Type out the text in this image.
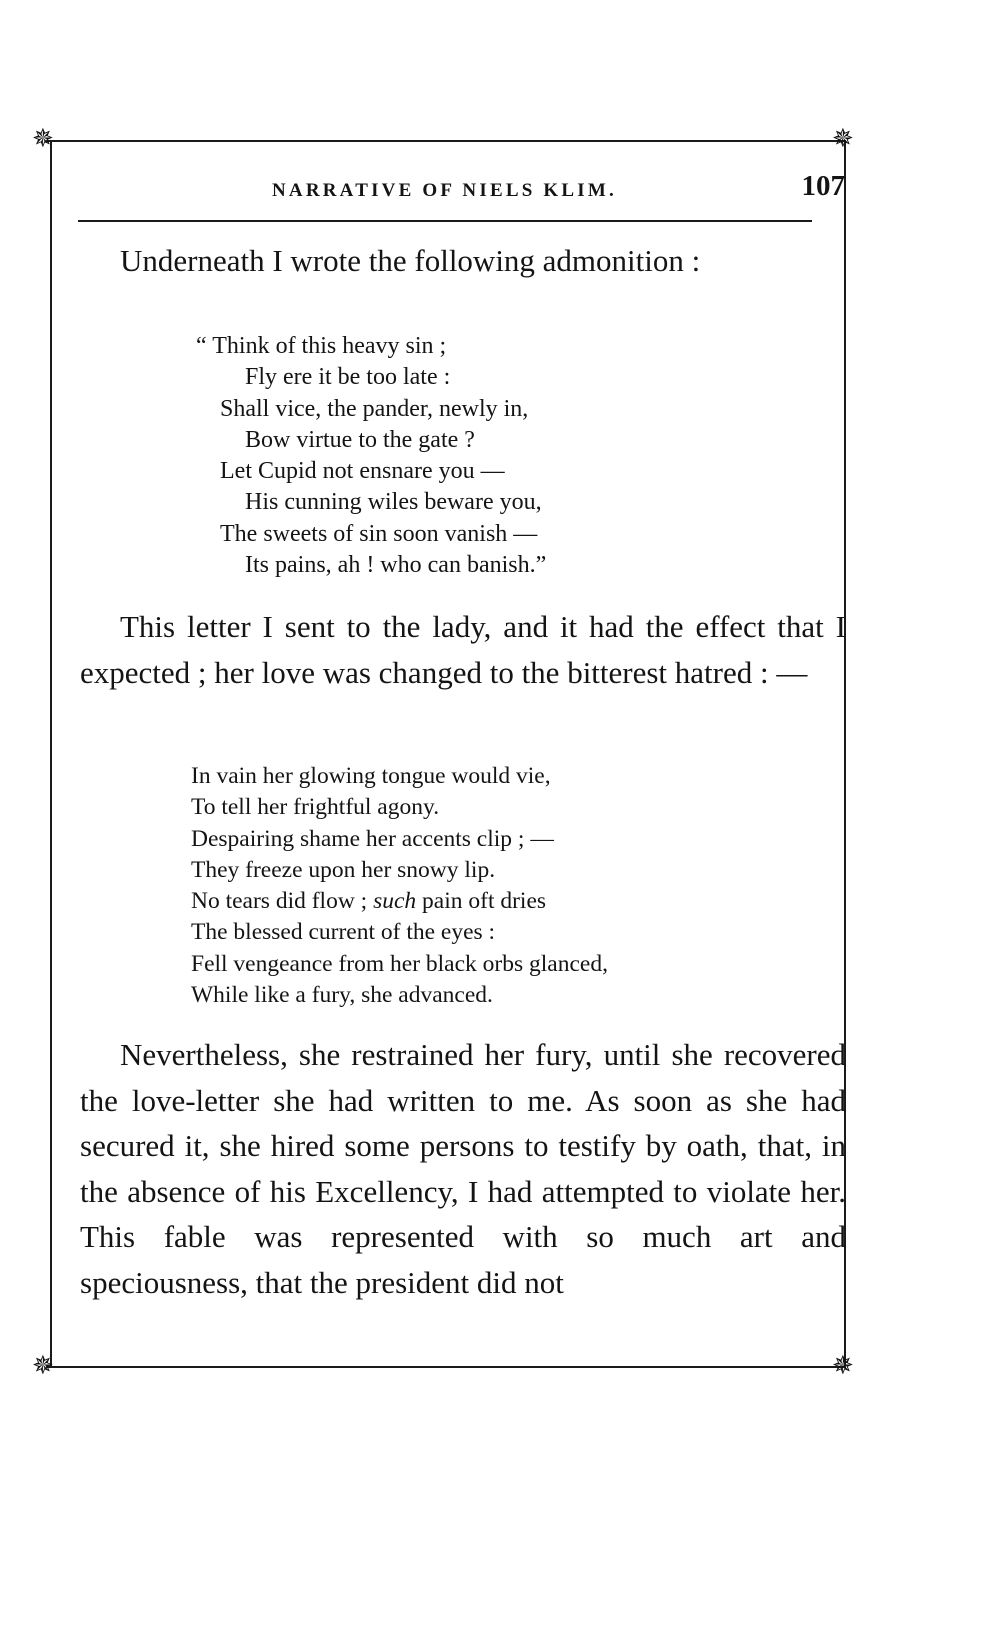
✵	✵
✵	✵
NARRATIVE OF NIELS KLIM.	107

Underneath I wrote the following admonition :

“ Think of this heavy sin ;
Fly ere it be too late :
Shall vice, the pander, newly in,
Bow virtue to the gate ?
Let Cupid not ensnare you —
His cunning wiles beware you,
The sweets of sin soon vanish —
Its pains, ah ! who can banish.”

This letter I sent to the lady, and it had the effect that I expected ; her love was changed to the bitterest hatred : —

In vain her glowing tongue would vie,
To tell her frightful agony.
Despairing shame her accents clip ; —
They freeze upon her snowy lip.
No tears did flow ; such pain oft dries
The blessed current of the eyes :
Fell vengeance from her black orbs glanced,
While like a fury, she advanced.

Nevertheless, she restrained her fury, until she recovered the love-letter she had written to me. As soon as she had secured it, she hired some persons to testify by oath, that, in the absence of his Excellency, I had attempted to violate her. This fable was represented with so much art and speciousness, that the president did not
